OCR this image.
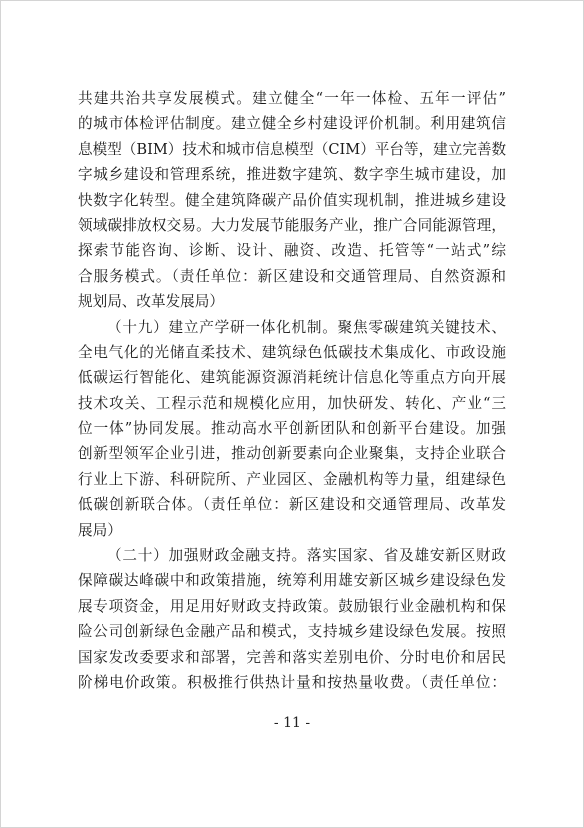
共建共治共享发展模式。建立健全“一年一体检、五年一评估”
的城市体检评估制度。建立健全乡村建设评价机制。利用建筑信
息模型（BIM）技术和城市信息模型（CIM）平台等，建立完善数
字城乡建设和管理系统，推进数字建筑、数字孪生城市建设，加
快数字化转型。健全建筑降碳产品价值实现机制，推进城乡建设
领域碳排放权交易。大力发展节能服务产业，推广合同能源管理，
探索节能咨询、诊断、设计、融资、改造、托管等“一站式”综
合服务模式。（责任单位：新区建设和交通管理局、自然资源和
规划局、改革发展局）
（十九）建立产学研一体化机制。聚焦零碳建筑关键技术、
全电气化的光储直柔技术、建筑绿色低碳技术集成化、市政设施
低碳运行智能化、建筑能源资源消耗统计信息化等重点方向开展
技术攻关、工程示范和规模化应用，加快研发、转化、产业“三
位一体”协同发展。推动高水平创新团队和创新平台建设。加强
创新型领军企业引进，推动创新要素向企业聚集，支持企业联合
行业上下游、科研院所、产业园区、金融机构等力量，组建绿色
低碳创新联合体。（责任单位：新区建设和交通管理局、改革发
展局）
（二十）加强财政金融支持。落实国家、省及雄安新区财政
保障碳达峰碳中和政策措施，统筹利用雄安新区城乡建设绿色发
展专项资金，用足用好财政支持政策。鼓励银行业金融机构和保
险公司创新绿色金融产品和模式，支持城乡建设绿色发展。按照
国家发改委要求和部署，完善和落实差别电价、分时电价和居民
阶梯电价政策。积极推行供热计量和按热量收费。（责任单位：
- 11 -
